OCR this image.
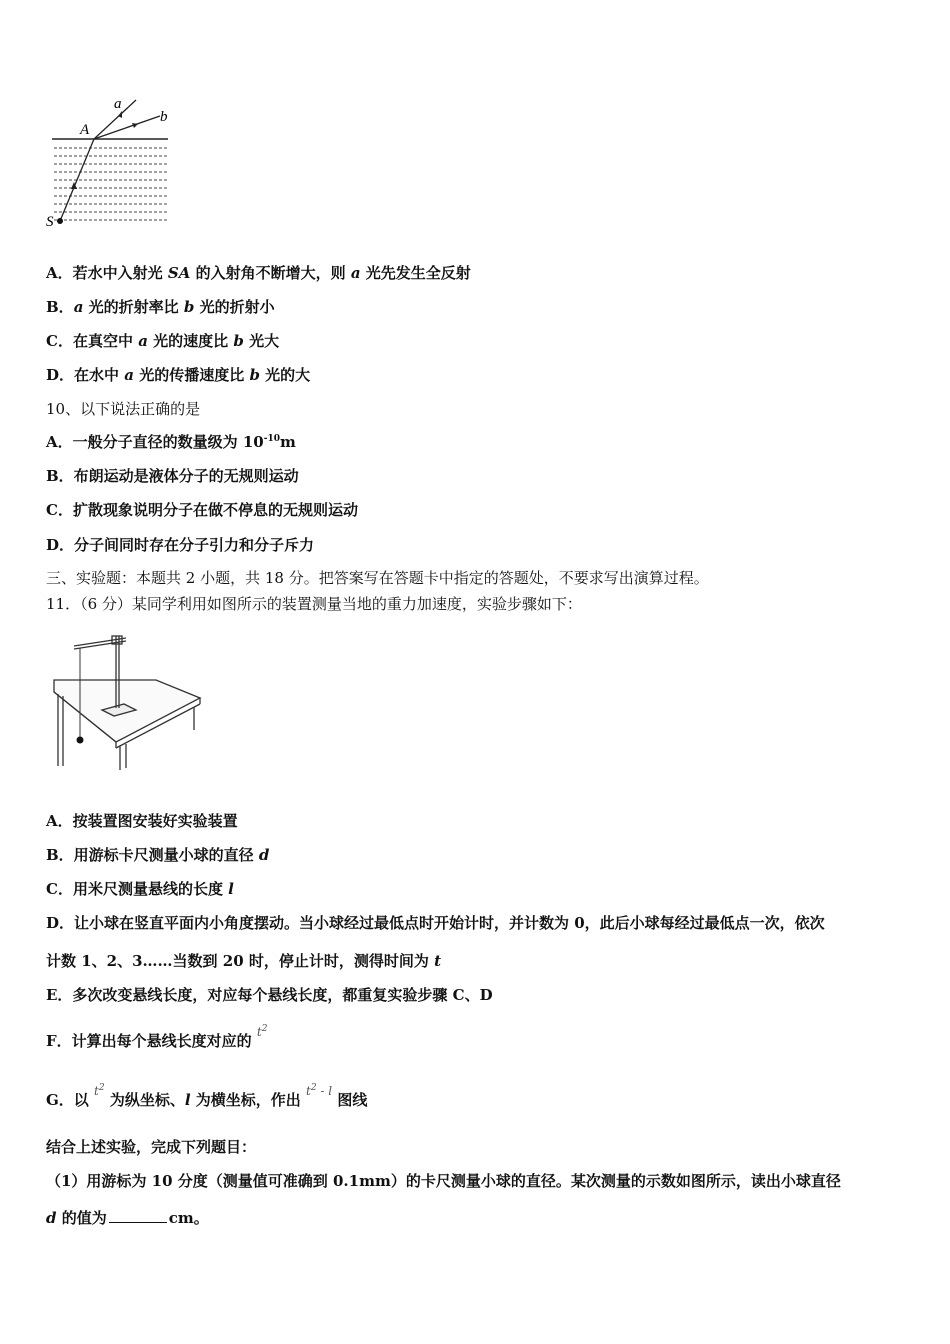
a
b
A
S
A．若水中入射光 SA 的入射角不断增大，则 a 光先发生全反射
B．a 光的折射率比 b 光的折射小
C．在真空中 a 光的速度比 b 光大
D．在水中 a 光的传播速度比 b 光的大
10、以下说法正确的是
A．一般分子直径的数量级为 $10^{-10}m$
B．布朗运动是液体分子的无规则运动
C．扩散现象说明分子在做不停息的无规则运动
D．分子间同时存在分子引力和分子斥力
三、实验题：本题共 2 小题，共 18 分。把答案写在答题卡中指定的答题处，不要求写出演算过程。
11．（6 分）某同学利用如图所示的装置测量当地的重力加速度，实验步骤如下：
A．按装置图安装好实验装置
B．用游标卡尺测量小球的直径 d
C．用米尺测量悬线的长度 l
D．让小球在竖直平面内小角度摆动。当小球经过最低点时开始计时，并计数为 0，此后小球每经过最低点一次，依次
计数 1、2、3……当数到 20 时，停止计时，测得时间为 t
E．多次改变悬线长度，对应每个悬线长度，都重复实验步骤 C、D
F．计算出每个悬线长度对应的 $^{t^2}$
G．以 $^{t^2}$ 为纵坐标、l 为横坐标，作出 $^{t^2 - l}$ 图线
结合上述实验，完成下列题目：
（1）用游标为 10 分度（测量值可准确到 0.1mm）的卡尺测量小球的直径。某次测量的示数如图所示，读出小球直径
d 的值为	cm。
